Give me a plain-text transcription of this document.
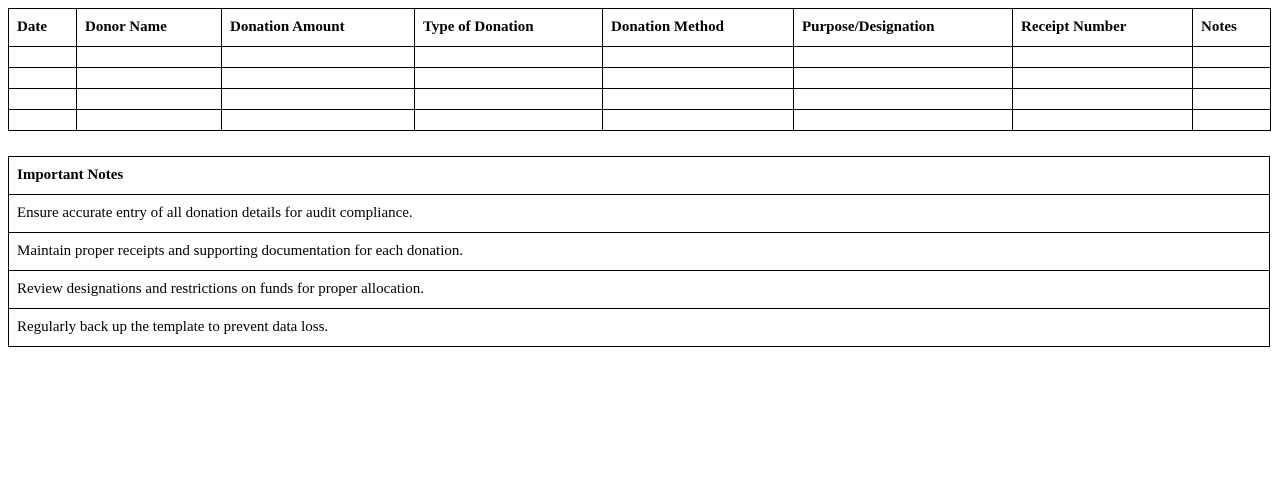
Date	Donor Name	Donation Amount	Type of Donation	Donation Method	Purpose/Designation	Receipt Number	Notes

Important Notes
Ensure accurate entry of all donation details for audit compliance.
Maintain proper receipts and supporting documentation for each donation.
Review designations and restrictions on funds for proper allocation.
Regularly back up the template to prevent data loss.
